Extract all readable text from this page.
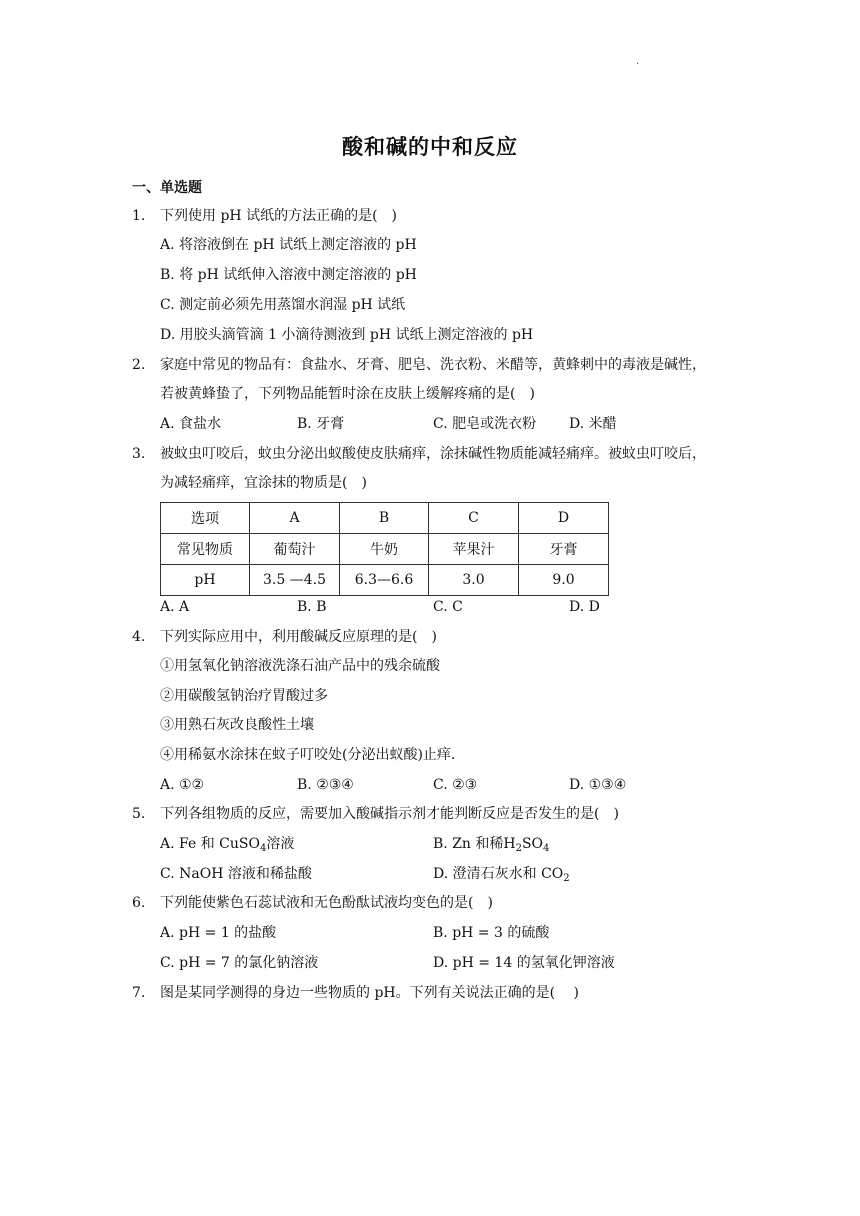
.
酸和碱的中和反应
一、单选题
1. 下列使用 pH 试纸的方法正确的是(　)
A. 将溶液倒在 pH 试纸上测定溶液的 pH
B. 将 pH 试纸伸入溶液中测定溶液的 pH
C. 测定前必须先用蒸馏水润湿 pH 试纸
D. 用胶头滴管滴 1 小滴待测液到 pH 试纸上测定溶液的 pH
2. 家庭中常见的物品有：食盐水、牙膏、肥皂、洗衣粉、米醋等，黄蜂刺中的毒液是碱性，
若被黄蜂蛰了，下列物品能暂时涂在皮肤上缓解疼痛的是(　)
A. 食盐水	B. 牙膏	C. 肥皂或洗衣粉 D. 米醋
3. 被蚊虫叮咬后，蚊虫分泌出蚁酸使皮肤痛痒，涂抹碱性物质能减轻痛痒。被蚊虫叮咬后，
为减轻痛痒，宜涂抹的物质是(　)
选项	A	B	C	D
常见物质	葡萄汁	牛奶	苹果汁	牙膏
pH	3.5 —4.5	6.3—6.6	3.0	9.0
A. A	B. B	C. C	D. D
4. 下列实际应用中，利用酸碱反应原理的是(　)
①用氢氧化钠溶液洗涤石油产品中的残余硫酸
②用碳酸氢钠治疗胃酸过多
③用熟石灰改良酸性土壤
④用稀氨水涂抹在蚊子叮咬处(分泌出蚁酸)止痒.
A. ①②	B. ②③④	C. ②③	D. ①③④
5. 下列各组物质的反应，需要加入酸碱指示剂才能判断反应是否发生的是(　)
A. Fe 和 CuSO$_4$溶液	B. Zn 和稀$H_2SO_4$
C. NaOH 溶液和稀盐酸	D. 澄清石灰水和 $CO_2$
6. 下列能使紫色石蕊试液和无色酚酞试液均变色的是(　)
A. pH = 1 的盐酸	B. pH = 3 的硫酸
C. pH = 7 的氯化钠溶液	D. pH = 14 的氢氧化钾溶液
7. 图是某同学测得的身边一些物质的 pH。下列有关说法正确的是(　 )
